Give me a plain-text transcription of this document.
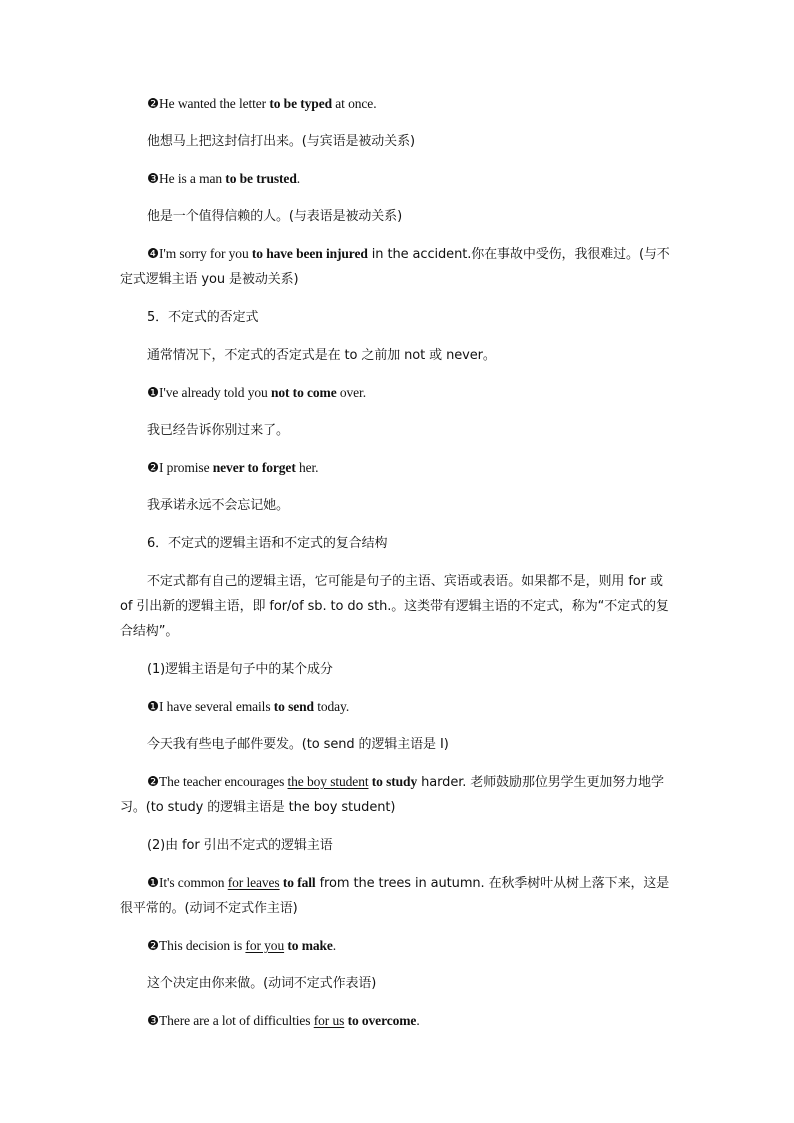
❷He wanted the letter to be typed at once.

他想马上把这封信打出来。(与宾语是被动关系)

❸He is a man to be trusted.

他是一个值得信赖的人。(与表语是被动关系)

❹I'm sorry for you to have been injured in the accident.你在事故中受伤，我很难过。(与不定式逻辑主语 you 是被动关系)

5．不定式的否定式

通常情况下，不定式的否定式是在 to 之前加 not 或 never。

❶I've already told you not to come over.

我已经告诉你别过来了。

❷I promise never to forget her.

我承诺永远不会忘记她。

6．不定式的逻辑主语和不定式的复合结构

不定式都有自己的逻辑主语，它可能是句子的主语、宾语或表语。如果都不是，则用 for 或 of 引出新的逻辑主语，即 for/of sb. to do sth.。这类带有逻辑主语的不定式，称为“不定式的复合结构”。

(1)逻辑主语是句子中的某个成分

❶I have several emails to send today.

今天我有些电子邮件要发。(to send 的逻辑主语是 I)

❷The teacher encourages the boy student to study harder. 老师鼓励那位男学生更加努力地学习。(to study 的逻辑主语是 the boy student)

(2)由 for 引出不定式的逻辑主语

❶It's common for leaves to fall from the trees in autumn. 在秋季树叶从树上落下来，这是很平常的。(动词不定式作主语)

❷This decision is for you to make.

这个决定由你来做。(动词不定式作表语)

❸There are a lot of difficulties for us to overcome.
